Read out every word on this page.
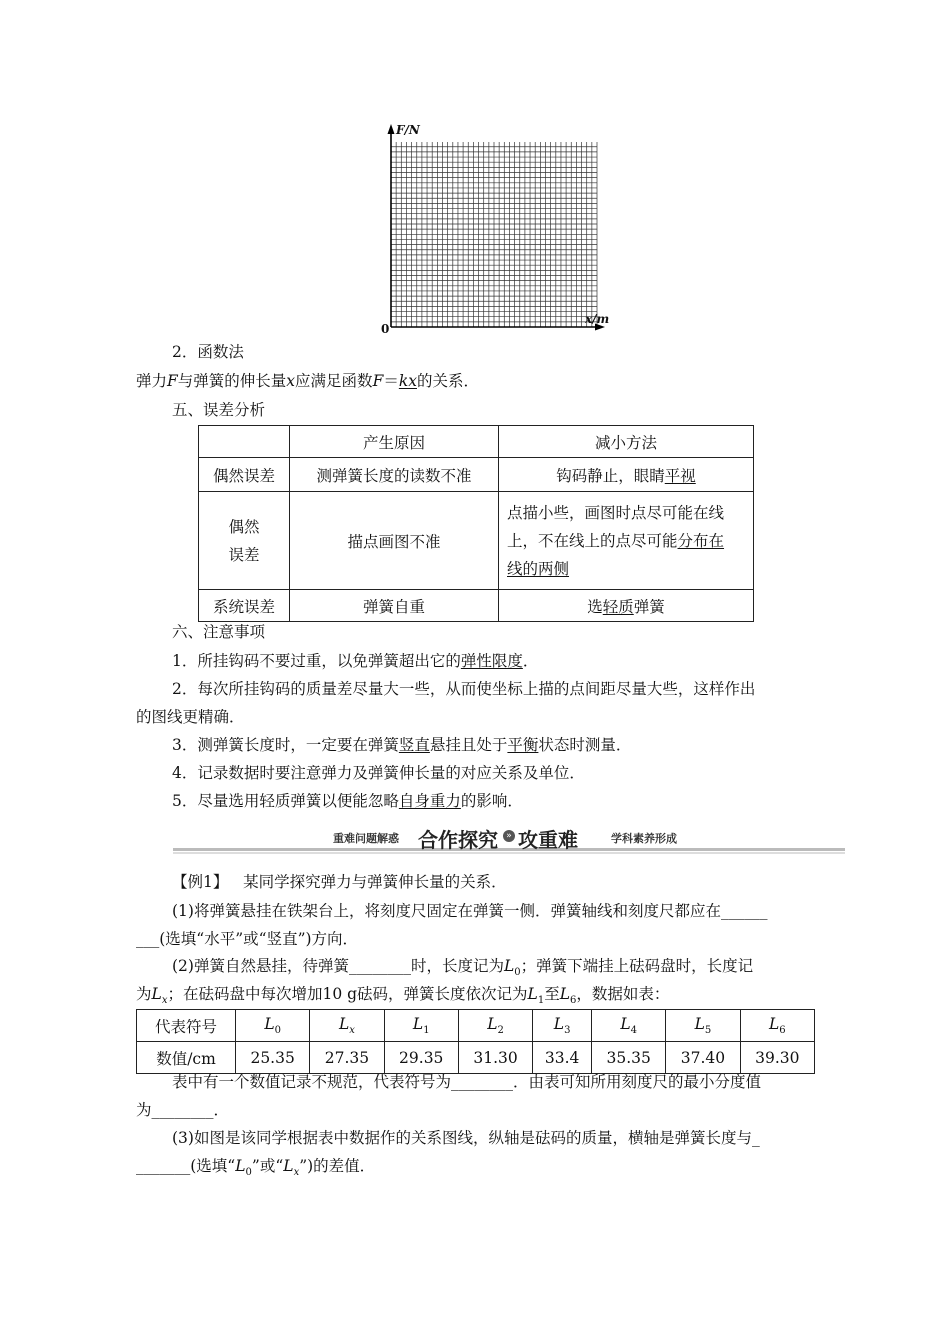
F/N
x/m
0
2．函数法
弹力F与弹簧的伸长量x应满足函数F＝kx的关系．
五、误差分析
	产生原因	减小方法
偶然误差	测弹簧长度的读数不准	钩码静止，眼睛平视
偶然
误差	描点画图不准	点描小些，画图时点尽可能在线
上，不在线上的点尽可能分布在
线的两侧
系统误差	弹簧自重	选轻质弹簧
六、注意事项
1．所挂钩码不要过重，以免弹簧超出它的弹性限度．
2．每次所挂钩码的质量差尽量大一些，从而使坐标上描的点间距尽量大些，这样作出
的图线更精确．
3．测弹簧长度时，一定要在弹簧竖直悬挂且处于平衡状态时测量．
4．记录数据时要注意弹力及弹簧伸长量的对应关系及单位．
5．尽量选用轻质弹簧以便能忽略自身重力的影响．
重难问题解惑 合作探究 » 攻重难	学科素养形成
【例1】 某同学探究弹力与弹簧伸长量的关系．
(1)将弹簧悬挂在铁架台上，将刻度尺固定在弹簧一侧．弹簧轴线和刻度尺都应在______
___(选填“水平”或“竖直”)方向．
(2)弹簧自然悬挂，待弹簧________时，长度记为$L_0$；弹簧下端挂上砝码盘时，长度记
为$L_x$；在砝码盘中每次增加10 g砝码，弹簧长度依次记为$L_1$至$L_6$，数据如表：
代表符号	$L_0$	$L_x$	$L_1$	$L_2$	$L_3$	$L_4$	$L_5$	$L_6$
数值/cm	25.35	27.35	29.35	31.30	33.4	35.35	37.40	39.30
表中有一个数值记录不规范，代表符号为________．由表可知所用刻度尺的最小分度值
为________．
(3)如图是该同学根据表中数据作的关系图线，纵轴是砝码的质量，横轴是弹簧长度与_
_______(选填“$L_0$”或“$L_x$”)的差值．
